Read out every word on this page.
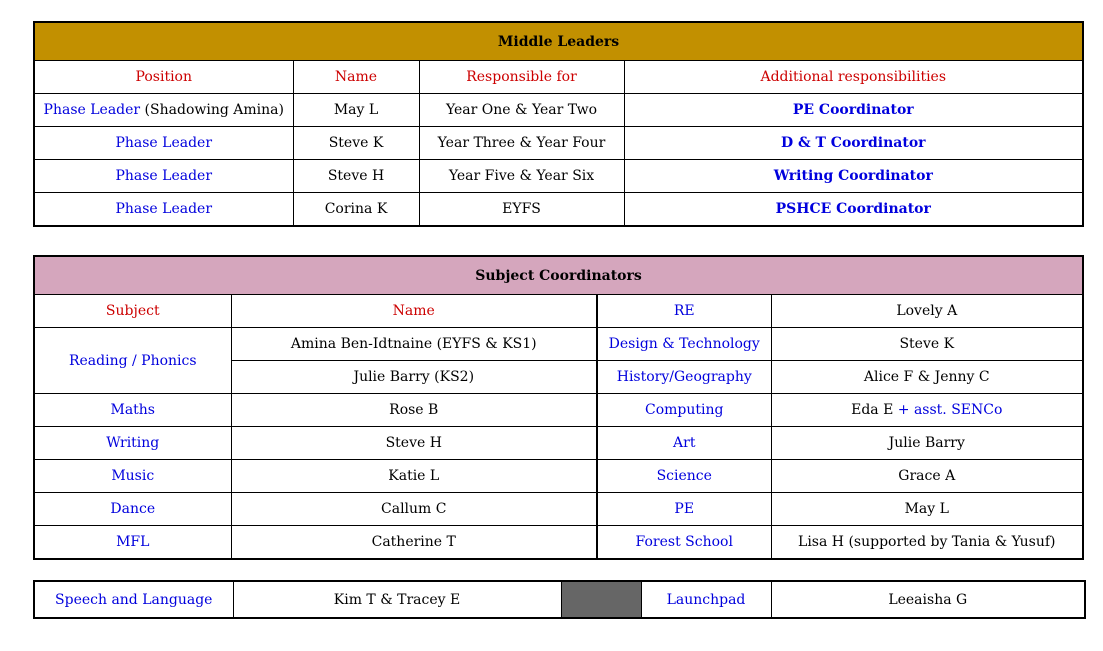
Middle Leaders			
Position	Name	Responsible for	Additional responsibilities
Phase Leader (Shadowing Amina)	May L	Year One & Year Two	PE Coordinator
Phase Leader	Steve K	Year Three & Year Four	D & T Coordinator
Phase Leader	Steve H	Year Five & Year Six	Writing Coordinator
Phase Leader	Corina K	EYFS	PSHCE Coordinator
Subject Coordinators			
Subject	Name	RE	Lovely A
Reading / Phonics	Amina Ben-Idtnaine (EYFS & KS1)	Design & Technology	Steve K
	Julie Barry (KS2)	History/Geography	Alice F & Jenny C
Maths	Rose B	Computing	Eda E + asst. SENCo
Writing	Steve H	Art	Julie Barry
Music	Katie L	Science	Grace A
Dance	Callum C	PE	May L
MFL	Catherine T	Forest School	Lisa H (supported by Tania & Yusuf)
Speech and Language	Kim T & Tracey E		Launchpad	Leeaisha G
